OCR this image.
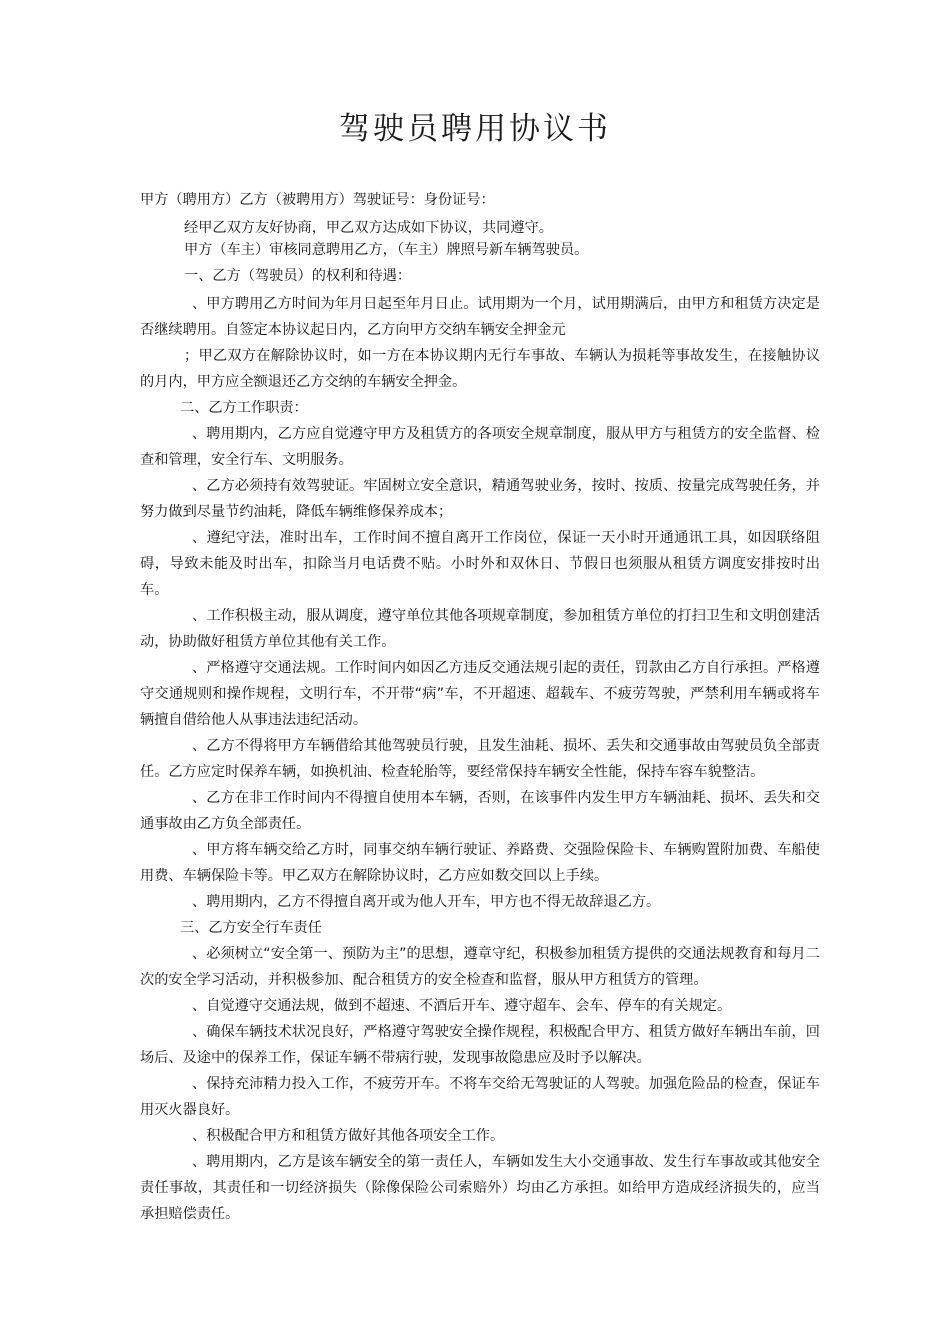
驾驶员聘用协议书

甲方（聘用方）乙方（被聘用方）驾驶证号：身份证号：

经甲乙双方友好协商，甲乙双方达成如下协议，共同遵守。

甲方（车主）审核同意聘用乙方，（车主）牌照号新车辆驾驶员。

一、乙方（驾驶员）的权利和待遇：

、甲方聘用乙方时间为年月日起至年月日止。试用期为一个月，试用期满后，由甲方和租赁方决定是否继续聘用。自签定本协议起日内，乙方向甲方交纳车辆安全押金元

；甲乙双方在解除协议时，如一方在本协议期内无行车事故、车辆认为损耗等事故发生，在接触协议的月内，甲方应全额退还乙方交纳的车辆安全押金。

二、乙方工作职责：

、聘用期内，乙方应自觉遵守甲方及租赁方的各项安全规章制度，服从甲方与租赁方的安全监督、检查和管理，安全行车、文明服务。

、乙方必须持有效驾驶证。牢固树立安全意识，精通驾驶业务，按时、按质、按量完成驾驶任务，并努力做到尽量节约油耗，降低车辆维修保养成本；

、遵纪守法，准时出车，工作时间不擅自离开工作岗位，保证一天小时开通通讯工具，如因联络阻碍，导致未能及时出车，扣除当月电话费不贴。小时外和双休日、节假日也须服从租赁方调度安排按时出车。

、工作积极主动，服从调度，遵守单位其他各项规章制度，参加租赁方单位的打扫卫生和文明创建活动，协助做好租赁方单位其他有关工作。

、严格遵守交通法规。工作时间内如因乙方违反交通法规引起的责任，罚款由乙方自行承担。严格遵守交通规则和操作规程，文明行车，不开带“病”车，不开超速、超载车、不疲劳驾驶，严禁利用车辆或将车辆擅自借给他人从事违法违纪活动。

、乙方不得将甲方车辆借给其他驾驶员行驶，且发生油耗、损坏、丢失和交通事故由驾驶员负全部责任。乙方应定时保养车辆，如换机油、检查轮胎等，要经常保持车辆安全性能，保持车容车貌整洁。

、乙方在非工作时间内不得擅自使用本车辆，否则，在该事件内发生甲方车辆油耗、损坏、丢失和交通事故由乙方负全部责任。

、甲方将车辆交给乙方时，同事交纳车辆行驶证、养路费、交强险保险卡、车辆购置附加费、车船使用费、车辆保险卡等。甲乙双方在解除协议时，乙方应如数交回以上手续。

、聘用期内，乙方不得擅自离开或为他人开车，甲方也不得无故辞退乙方。

三、乙方安全行车责任

、必须树立“安全第一、预防为主”的思想，遵章守纪，积极参加租赁方提供的交通法规教育和每月二次的安全学习活动，并积极参加、配合租赁方的安全检查和监督，服从甲方租赁方的管理。

、自觉遵守交通法规，做到不超速、不酒后开车、遵守超车、会车、停车的有关规定。

、确保车辆技术状况良好，严格遵守驾驶安全操作规程，积极配合甲方、租赁方做好车辆出车前，回场后、及途中的保养工作，保证车辆不带病行驶，发现事故隐患应及时予以解决。

、保持充沛精力投入工作，不疲劳开车。不将车交给无驾驶证的人驾驶。加强危险品的检查，保证车用灭火器良好。

、积极配合甲方和租赁方做好其他各项安全工作。

、聘用期内，乙方是该车辆安全的第一责任人，车辆如发生大小交通事故、发生行车事故或其他安全责任事故，其责任和一切经济损失（除像保险公司索赔外）均由乙方承担。如给甲方造成经济损失的，应当承担赔偿责任。
